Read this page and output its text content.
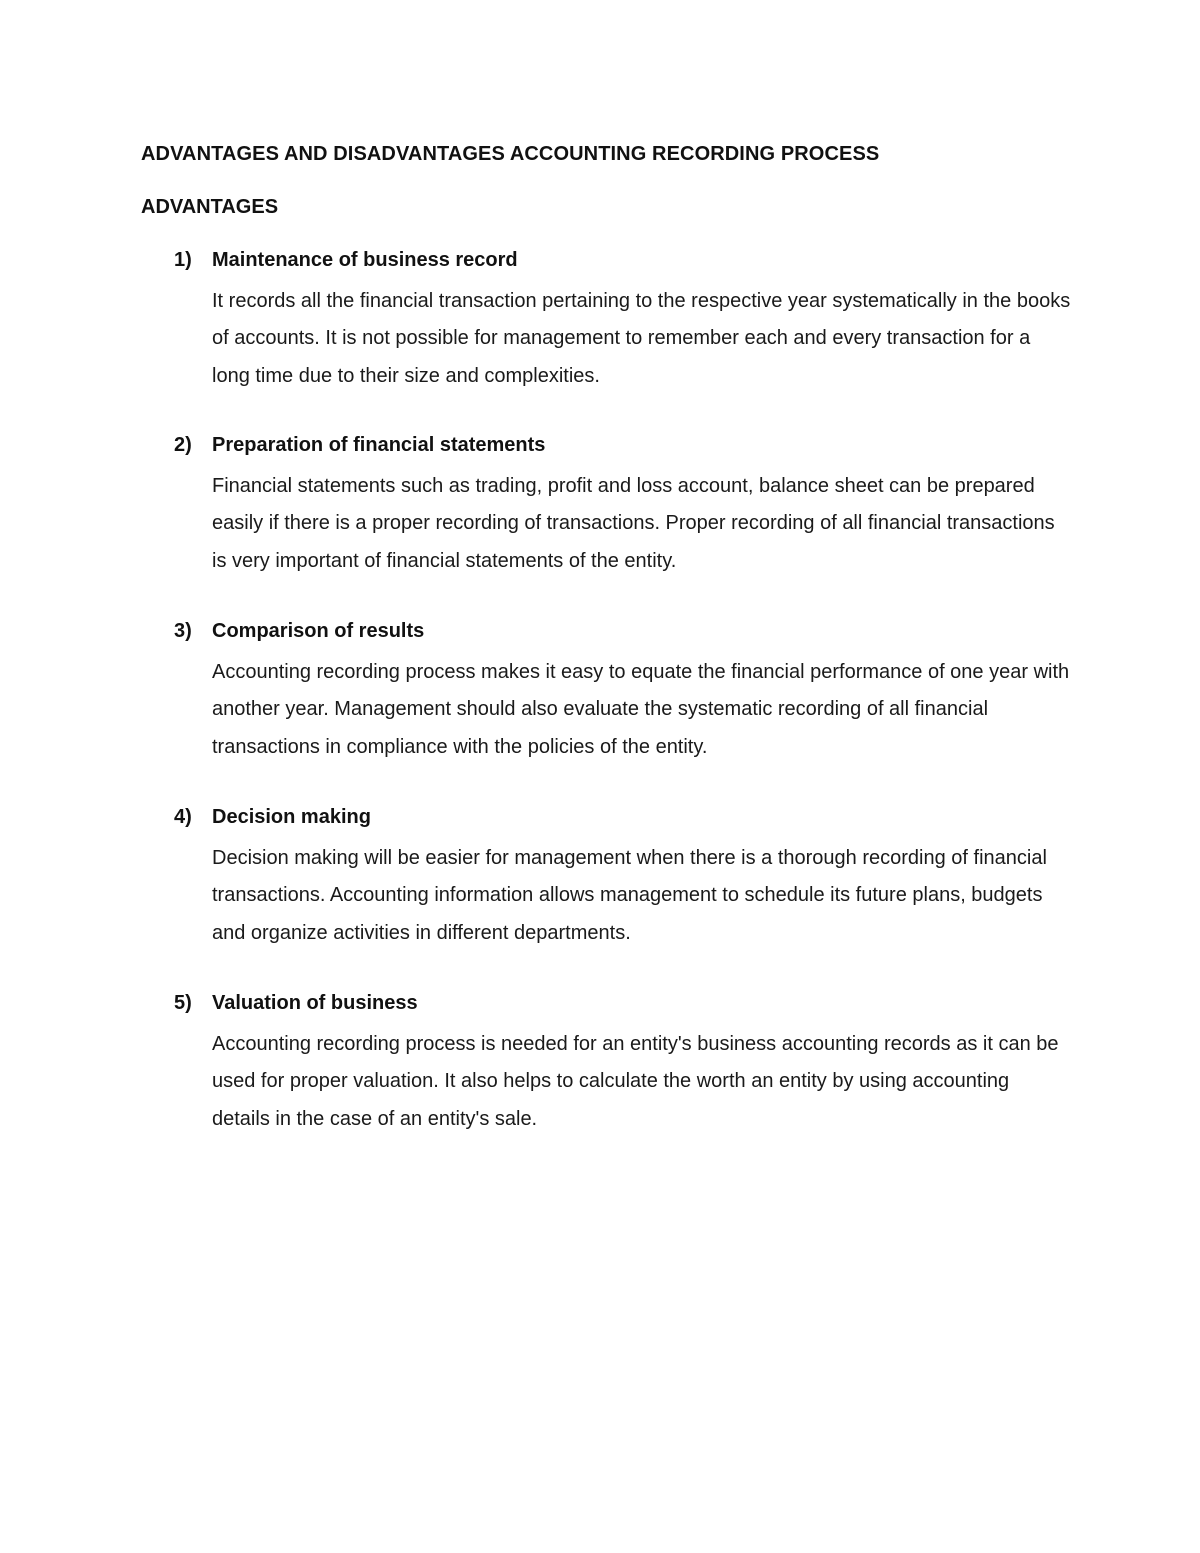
ADVANTAGES AND DISADVANTAGES ACCOUNTING RECORDING PROCESS
ADVANTAGES
1)	Maintenance of business record
It records all the financial transaction pertaining to the respective year systematically in the books of accounts. It is not possible for management to remember each and every transaction for a long time due to their size and complexities.
2)	Preparation of financial statements
Financial statements such as trading, profit and loss account, balance sheet can be prepared easily if there is a proper recording of transactions. Proper recording of all financial transactions is very important of financial statements of the entity.
3)	Comparison of results
Accounting recording process makes it easy to equate the financial performance of one year with another year. Management should also evaluate the systematic recording of all financial transactions in compliance with the policies of the entity.
4)	Decision making
Decision making will be easier for management when there is a thorough recording of financial transactions. Accounting information allows management to schedule its future plans, budgets and organize activities in different departments.
5)	Valuation of business
Accounting recording process is needed for an entity's business accounting records as it can be used for proper valuation. It also helps to calculate the worth an entity by using accounting details in the case of an entity's sale.
